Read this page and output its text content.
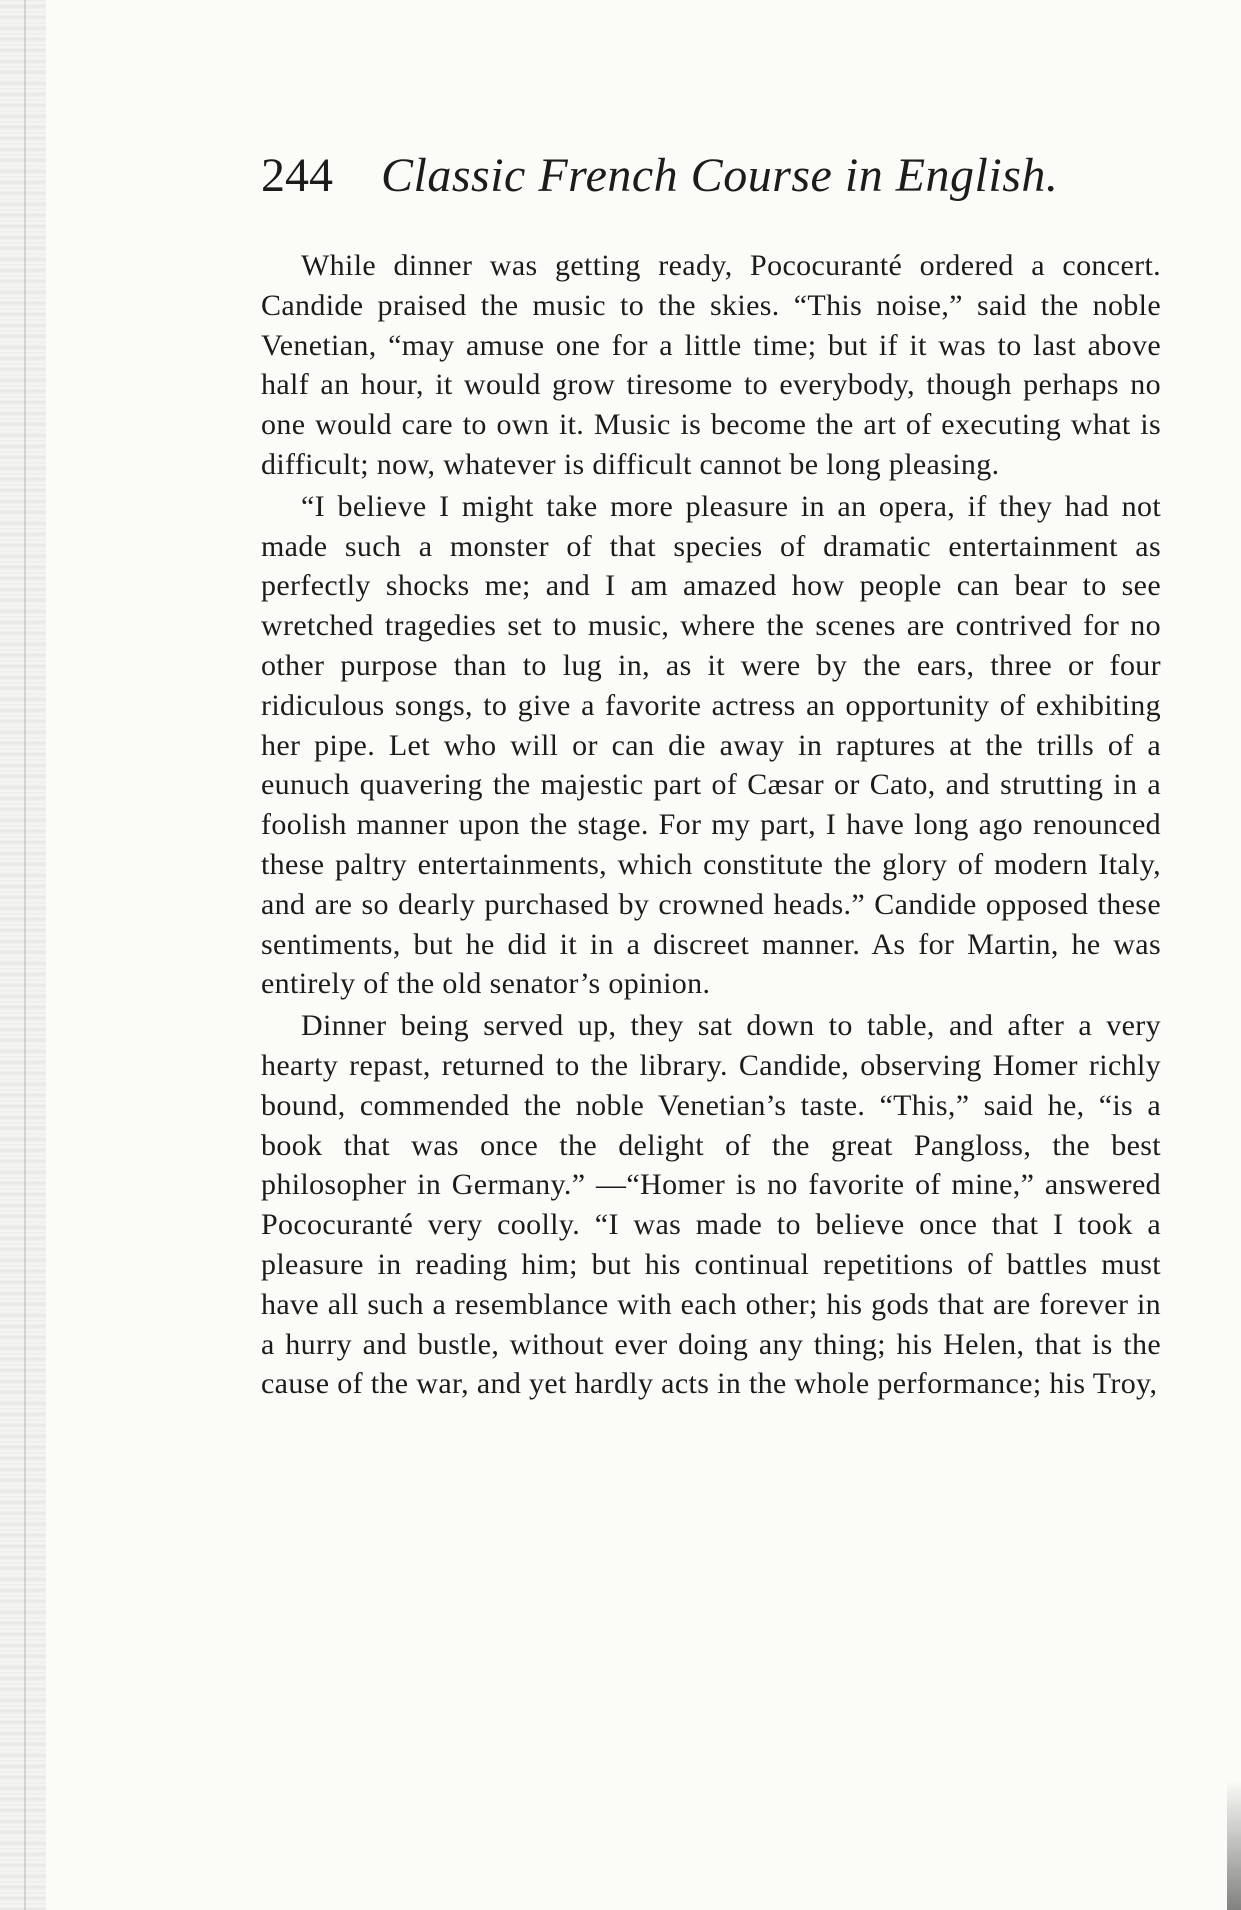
244 Classic French Course in English.

While dinner was getting ready, Pococuranté ordered a concert. Candide praised the music to the skies. “This noise,” said the noble Venetian, “may amuse one for a little time; but if it was to last above half an hour, it would grow tiresome to everybody, though perhaps no one would care to own it. Music is become the art of executing what is difficult; now, whatever is difficult cannot be long pleasing.

“I believe I might take more pleasure in an opera, if they had not made such a monster of that species of dramatic entertainment as perfectly shocks me; and I am amazed how people can bear to see wretched tragedies set to music, where the scenes are contrived for no other purpose than to lug in, as it were by the ears, three or four ridiculous songs, to give a favorite actress an opportunity of exhibiting her pipe. Let who will or can die away in raptures at the trills of a eunuch quavering the majestic part of Cæsar or Cato, and strutting in a foolish manner upon the stage. For my part, I have long ago renounced these paltry entertainments, which constitute the glory of modern Italy, and are so dearly purchased by crowned heads.” Candide opposed these sentiments, but he did it in a discreet manner. As for Martin, he was entirely of the old senator’s opinion.

Dinner being served up, they sat down to table, and after a very hearty repast, returned to the library. Candide, observing Homer richly bound, commended the noble Venetian’s taste. “This,” said he, “is a book that was once the delight of the great Pangloss, the best philosopher in Germany.” —“Homer is no favorite of mine,” answered Pococuranté very coolly. “I was made to believe once that I took a pleasure in reading him; but his continual repetitions of battles must have all such a resemblance with each other; his gods that are forever in a hurry and bustle, without ever doing any thing; his Helen, that is the cause of the war, and yet hardly acts in the whole performance; his Troy,
